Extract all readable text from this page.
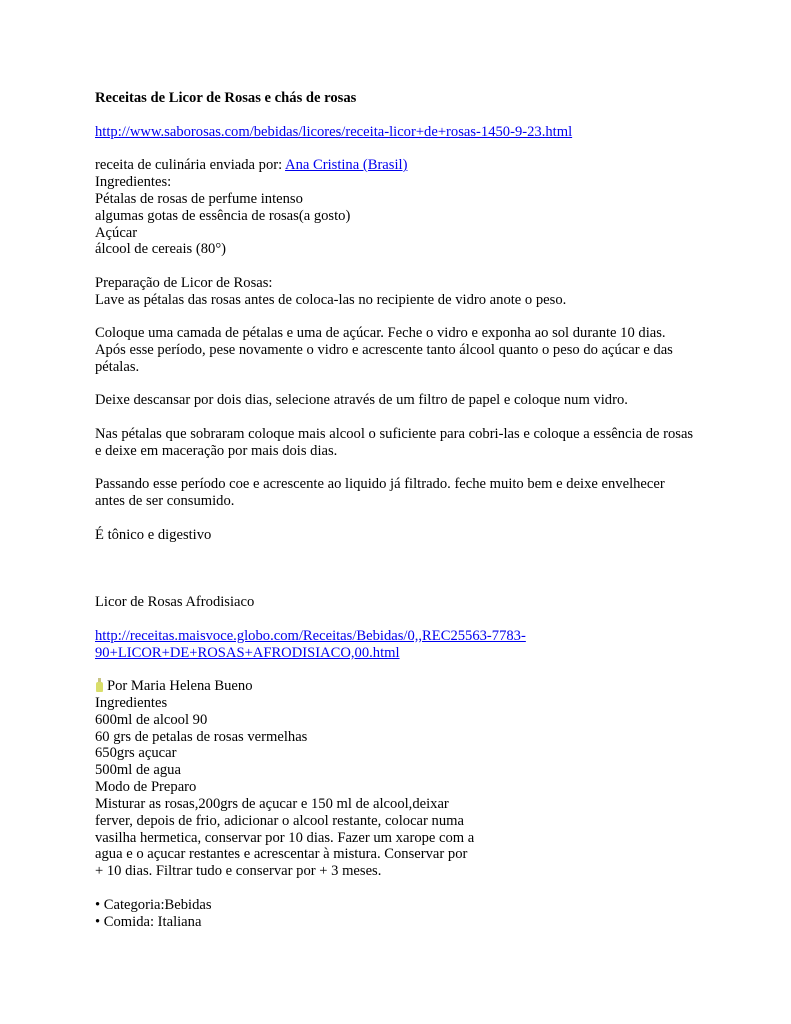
Receitas de Licor de Rosas e chás de rosas
http://www.saborosas.com/bebidas/licores/receita-licor+de+rosas-1450-9-23.html
receita de culinária enviada por: Ana Cristina (Brasil)
Ingredientes:
Pétalas de rosas de perfume intenso
algumas gotas de essência de rosas(a gosto)
Açúcar
álcool de cereais (80°)
Preparação de Licor de Rosas:
Lave as pétalas das rosas antes de coloca-las no recipiente de vidro anote o peso.
Coloque uma camada de pétalas e uma de açúcar. Feche o vidro e exponha ao sol durante 10 dias.
Após esse período, pese novamente o vidro e acrescente tanto álcool quanto o peso do açúcar e das
pétalas.
Deixe descansar por dois dias, selecione através de um filtro de papel e coloque num vidro.
Nas pétalas que sobraram coloque mais alcool o suficiente para cobri-las e coloque a essência de rosas
e deixe em maceração por mais dois dias.
Passando esse período coe e acrescente ao liquido já filtrado. feche muito bem e deixe envelhecer
antes de ser consumido.
É tônico e digestivo
Licor de Rosas Afrodisiaco
http://receitas.maisvoce.globo.com/Receitas/Bebidas/0,,REC25563-7783-
90+LICOR+DE+ROSAS+AFRODISIACO,00.html
Por Maria Helena Bueno
Ingredientes
600ml de alcool 90
60 grs de petalas de rosas vermelhas
650grs açucar
500ml de agua
Modo de Preparo
Misturar as rosas,200grs de açucar e 150 ml de alcool,deixar
ferver, depois de frio, adicionar o alcool restante, colocar numa
vasilha hermetica, conservar por 10 dias. Fazer um xarope com a
agua e o açucar restantes e acrescentar à mistura. Conservar por
+ 10 dias. Filtrar tudo e conservar por + 3 meses.
• Categoria:Bebidas
• Comida: Italiana
